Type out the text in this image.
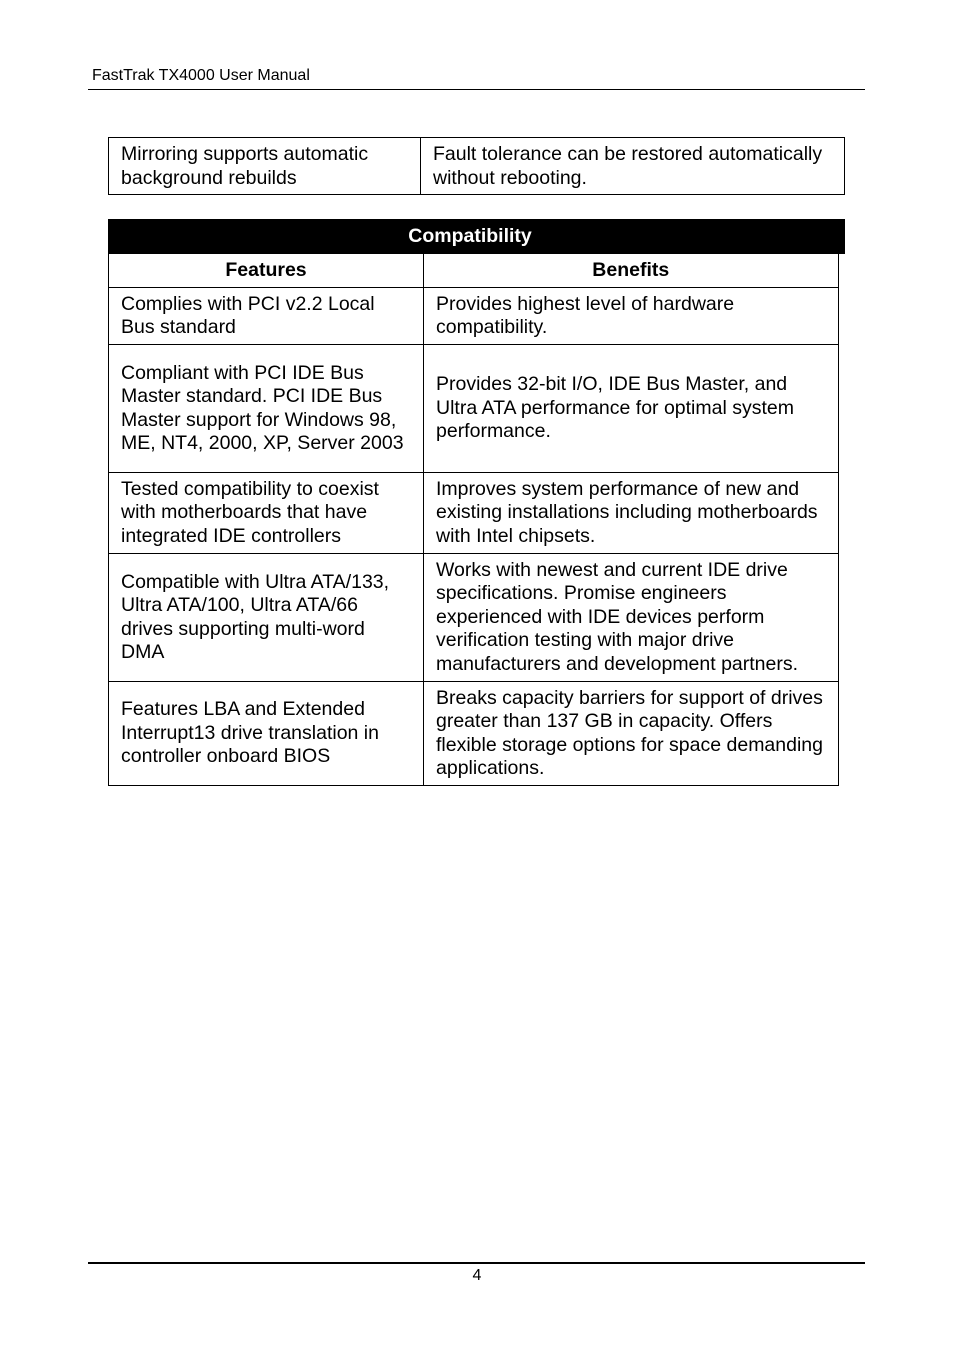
FastTrak TX4000 User Manual
Mirroring supports automatic background rebuilds	Fault tolerance can be restored automatically without rebooting.
Compatibility	
Features	Benefits
Complies with PCI v2.2 Local Bus standard	Provides highest level of hardware compatibility.
Compliant with PCI IDE Bus Master standard. PCI IDE Bus Master support for Windows 98, ME, NT4, 2000, XP, Server 2003	Provides 32-bit I/O, IDE Bus Master, and Ultra ATA performance for optimal system performance.
Tested compatibility to coexist with motherboards that have integrated IDE controllers	Improves system performance of new and existing installations including motherboards with Intel chipsets.
Compatible with Ultra ATA/133, Ultra ATA/100, Ultra ATA/66 drives supporting multi-word DMA	Works with newest and current IDE drive specifications. Promise engineers experienced with IDE devices perform verification testing with major drive manufacturers and development partners.
Features LBA and Extended Interrupt13 drive translation in controller onboard BIOS	Breaks capacity barriers for support of drives greater than 137 GB in capacity. Offers flexible storage options for space demanding applications.
4
